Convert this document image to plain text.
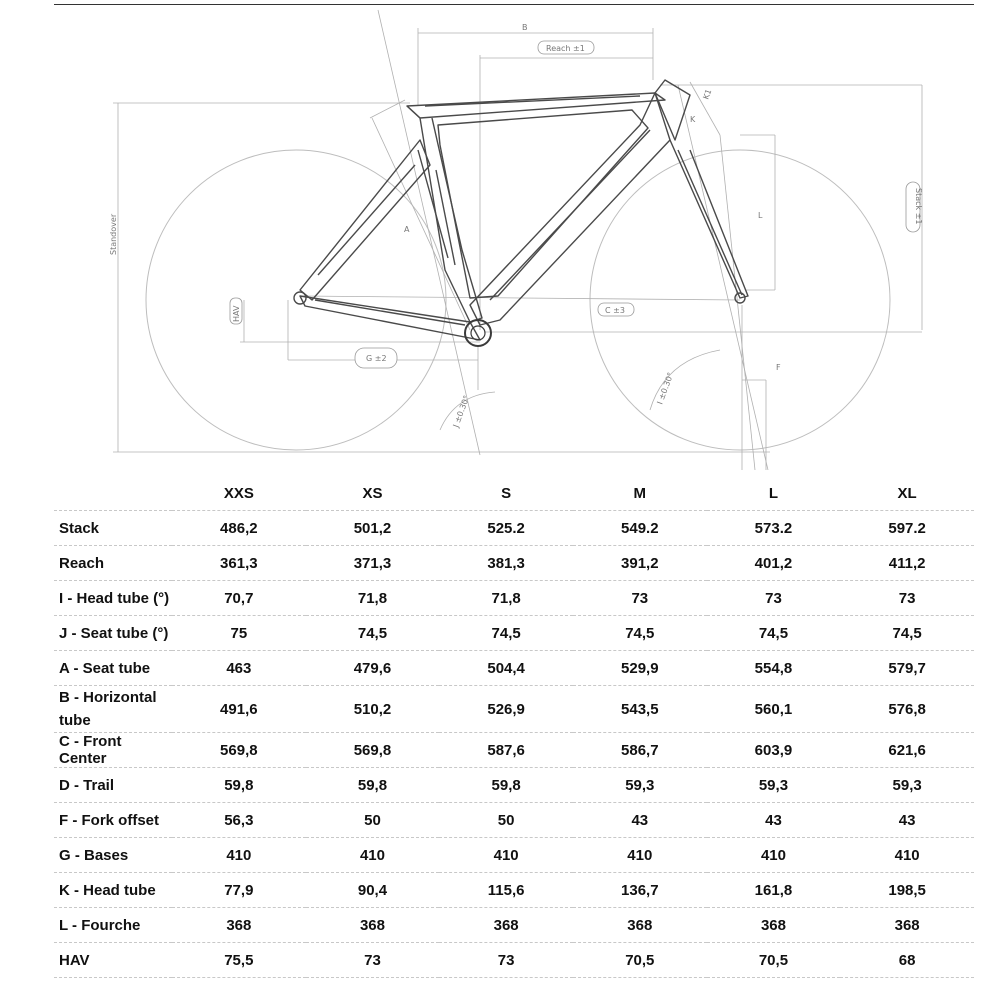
B
Reach ±1
Stack ±1
Standover	A
HAV
G ±2
C ±3
K
K1
L
F
J ±0.30°
I ±0.30°
	XXS	XS	S	M	L	XL
Stack	486,2	501,2	525.2	549.2	573.2	597.2
Reach	361,3	371,3	381,3	391,2	401,2	411,2
I - Head tube (°)	70,7	71,8	71,8	73	73	73
J - Seat tube (°)	75	74,5	74,5	74,5	74,5	74,5
A - Seat tube	463	479,6	504,4	529,9	554,8	579,7
B - Horizontal tube	491,6	510,2	526,9	543,5	560,1	576,8
C - Front Center	569,8	569,8	587,6	586,7	603,9	621,6
D - Trail	59,8	59,8	59,8	59,3	59,3	59,3
F - Fork offset	56,3	50	50	43	43	43
G - Bases	410	410	410	410	410	410
K - Head tube	77,9	90,4	115,6	136,7	161,8	198,5
L - Fourche	368	368	368	368	368	368
HAV	75,5	73	73	70,5	70,5	68
